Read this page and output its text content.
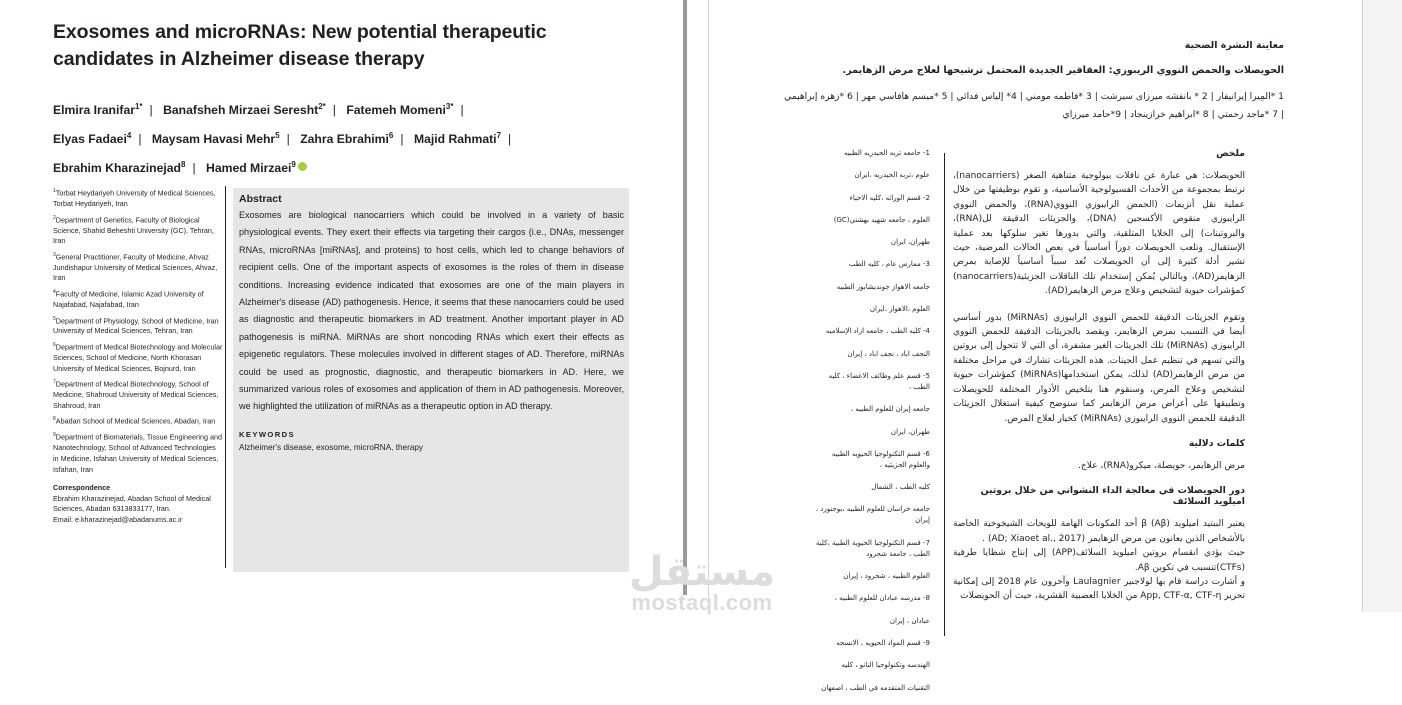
Exosomes and microRNAs: New potential therapeutic candidates in Alzheimer disease therapy
Elmira Iranifar$^{1*}$ | Banafsheh Mirzaei Seresht$^{2*}$ | Fatemeh Momeni$^{3*}$ |
Elyas Fadaei$^4$ | Maysam Havasi Mehr$^5$ | Zahra Ebrahimi$^6$ | Majid Rahmati$^7$ |
Ebrahim Kharazinejad$^8$ | Hamed Mirzaei$^9$
$^1$Torbat Heydariyeh University of Medical Sciences, Torbat Heydariyeh, Iran
$^2$Department of Genetics, Faculty of Biological Science, Shahid Beheshti University (GC), Tehran, Iran
$^3$General Practitioner, Faculty of Medicine, Ahvaz Jundishapur University of Medical Sciences, Ahvaz, Iran
$^4$Faculty of Medicine, Islamic Azad University of Najafabad, Najafabad, Iran
$^5$Department of Physiology, School of Medicine, Iran University of Medical Sciences, Tehran, Iran
$^6$Department of Medical Biotechnology and Molecular Sciences, School of Medicine, North Khorasan University of Medical Sciences, Bojnurd, Iran
$^7$Department of Medical Biotechnology, School of Medicine, Shahroud University of Medical Sciences, Shahroud, Iran
$^8$Abadan School of Medical Sciences, Abadan, Iran
$^9$Department of Biomaterials, Tissue Engineering and Nanotechnology, School of Advanced Technologies in Medicine, Isfahan University of Medical Sciences, Isfahan, Iran
Correspondence
Ebrahim Kharazinejad, Abadan School of Medical Sciences, Abadan 6313833177, Iran.
Email: e.kharazinejad@abadanums.ac.ir
Abstract
Exosomes are biological nanocarriers which could be involved in a variety of basic physiological events. They exert their effects via targeting their cargos (i.e., DNAs, messenger RNAs, microRNAs [miRNAs], and proteins) to host cells, which led to change behaviors of recipient cells. One of the important aspects of exosomes is the roles of them in disease conditions. Increasing evidence indicated that exosomes are one of the main players in Alzheimer's disease (AD) pathogenesis. Hence, it seems that these nanocarriers could be used as diagnostic and therapeutic biomarkers in AD treatment. Another important player in AD pathogenesis is miRNA. MiRNAs are short noncoding RNAs which exert their effects as epigenetic regulators. These molecules involved in different stages of AD. Therefore, miRNAs could be used as prognostic, diagnostic, and therapeutic biomarkers in AD. Here, we summarized various roles of exosomes and application of them in AD pathogenesis. Moreover, we highlighted the utilization of miRNAs as a therapeutic option in AD therapy.
KEYWORDS
Alzheimer's disease, exosome, microRNA, therapy
معاينة النشرة الصحية
الحويصلات والحمض النووي الريبوزي: العقاقير الجديدة المحتمل ترشيحها لعلاج مرض الزهايمر.
1 *المِيرا إيرانيفار | 2 * بانفشه ميرزاى سيرشت | 3 *فاطمه مومني | 4* إلياس فدائي | 5 *ميسم هافاسي مهر | 6 *زهره إبراهيمي
| 7 *ماجد رحمتي | 8 *ابراهيم خرازينجاد | 9*حامد ميرزاي
1- جامعه تربه الحيدريه الطبيه
علوم ،تربه الحيدريه ،ايران
2- قسم الوراثه ،كليه الاحياء
العلوم ، جامعه شهيد بهشتي(GC)
طهران، ايران
3- ممارس عام ، كليه الطب
جامعه الاهواز جونديشابور الطبيه
العلوم ،الاهواز ،ايران
4- كليه الطب ، جامعه ازاد الإسلاميه
النجف اباد ، نجف اباد ، إيران
5- قسم علم وظائف الاعضاء ، كليه الطب ،
جامعه إيران للعلوم الطبيه ،
طهران، ايران
6- قسم التكنولوجيا الحيويه الطبيه والعلوم الجزيئيه ،
كليه الطب ، الشمال
جامعه خراسان للعلوم الطبيه ،بوجنورد ، إيران
7- قسم التكنولوجيا الحيوية الطبية ،كلية الطب ، جامعة شحرود
العلوم الطبيه ، شحرود ، إيران
8- مدرسه عبادان للعلوم الطبيه ،
عبادان ، إيران
9- قسم المواد الحيويه ، الانسجه
الهندسه وتكنولوجيا النانو ، كليه
التقنيات المتقدمه في الطب ، اصفهان
ملخص

الحويصلات: هي عبارة عن ناقلات بيولوجية متناهية الصغر (nanocarriers)، ترتبط بمجموعة من الأحداث الفسيولوجية الأساسية، و تقوم بوظيفتها من خلال عملية نقل أنزيمات (الحمض الرايبوزي النووي(RNA)، والحمض النووي الرايبوزي منقوص الأكسجين (DNA)، والجزيئات الدقيقة لل(RNA)، والبروتينات) إلى الخلايا المتلقية، والتي بدورها تغير سلوكها بعد عملية الإستقبال. وتلعب الحويصلات دوراً أساسياً في بعض الحالات المرضية، حيث تشير أدلة كثيرة إلى أن الحويصلات تُعد سبباً أساسياً للإصابة بمرض الزهايمر(AD)، وبالتالي يُمكن إستخدام تلك الناقلات الجزيئية(nanocarriers) كمؤشرات حيوية لتشخيص وعلاج مرض الزهايمر(AD).

وتقوم الجزيئات الدقيقة للحمض النووي الرايبوزي (MiRNAs) بدور أساسي أيضا في التسبب بمرض الزهايمر، ويقصد بالجزيئات الدقيقة للحمض النووي الرايبوزي (MiRNAs) تلك الجزيئات الغير مشفرة، أي التي لا تتحول إلى بروتين والتي تسهم في تنظيم عمل الجينات. هذه الجزيئات تشارك في مراحل مختلفة من مرض الزهايمر(AD) لذلك، يمكن استخدامها(MiRNAs) كمؤشرات حيوية لتشخيص وعلاج المرض، وسنقوم هنا بتلخيص الأدوار المختلفة للحويصلات وتطبيقها على أعراض مرض الزهايمر كما سنوضح كيفية استغلال الجزيئات الدقيقة للحمض النووي الرايبوزي (MiRNAs) كخيار لعلاج المرض.

كلمات دلالية

مرض الزهايمر، حويصلة، ميكرو(RNA)، علاج.

دور الحويصلات في معالجة الداء النشواني من خلال بروتين اميلويد السلائف

يعتبر الببتيد اميلويد β (Aβ) أحد المكونات الهامة للويحات الشيخوخية الخاصة بالأشخاص الذين يعانون من مرض الزهايمر (AD; Xiaoet al., 2017) .

حيث يؤدي انقسام بروتين اميلويد السلائف(APP) إلى إنتاج شظايا طرفية (CTFs)تتسبب في تكوين Aβ.

و أشارت دراسة قام بها لولاجنير Laulagnier وآخرون عام 2018 إلى إمكانية تحرير App, CTF-α, CTF-η من الخلايا العصبية القشرية، حيث أن الحويصلات

مستقل
mostaql.com
